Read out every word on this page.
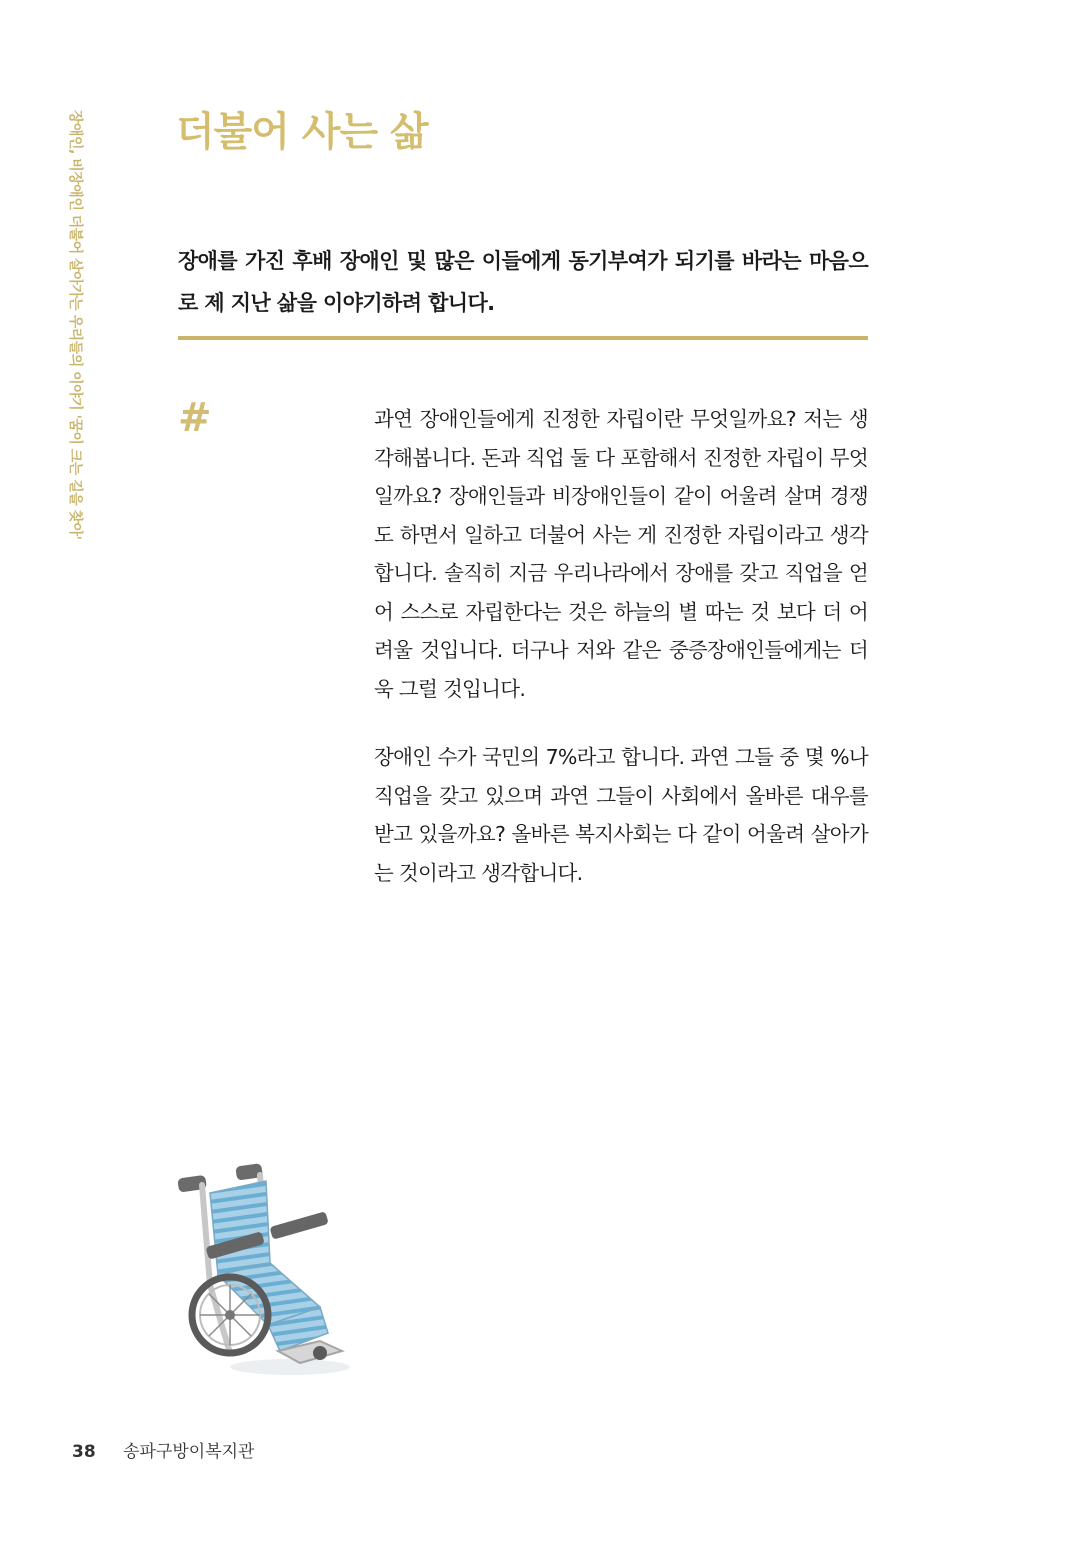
장애인, 비장애인 더불어 살아가는 우리들의 이야기 '꿈이 크는 길을 찾아' 더불어 사는 삶

장애를 가진 후배 장애인 및 많은 이들에게 동기부여가 되기를 바라는 마음으로 제 지난 삶을 이야기하려 합니다.

#	과연 장애인들에게 진정한 자립이란 무엇일까요? 저는 생각해봅니다. 돈과 직업 둘 다 포함해서 진정한 자립이 무엇일까요? 장애인들과 비장애인들이 같이 어울려 살며 경쟁도 하면서 일하고 더불어 사는 게 진정한 자립이라고 생각합니다. 솔직히 지금 우리나라에서 장애를 갖고 직업을 얻어 스스로 자립한다는 것은 하늘의 별 따는 것 보다 더 어려울 것입니다. 더구나 저와 같은 중증장애인들에게는 더욱 그럴 것입니다.

장애인 수가 국민의 7%라고 합니다. 과연 그들 중 몇 %나 직업을 갖고 있으며 과연 그들이 사회에서 올바른 대우를 받고 있을까요? 올바른 복지사회는 다 같이 어울려 살아가는 것이라고 생각합니다.

38 송파구방이복지관
